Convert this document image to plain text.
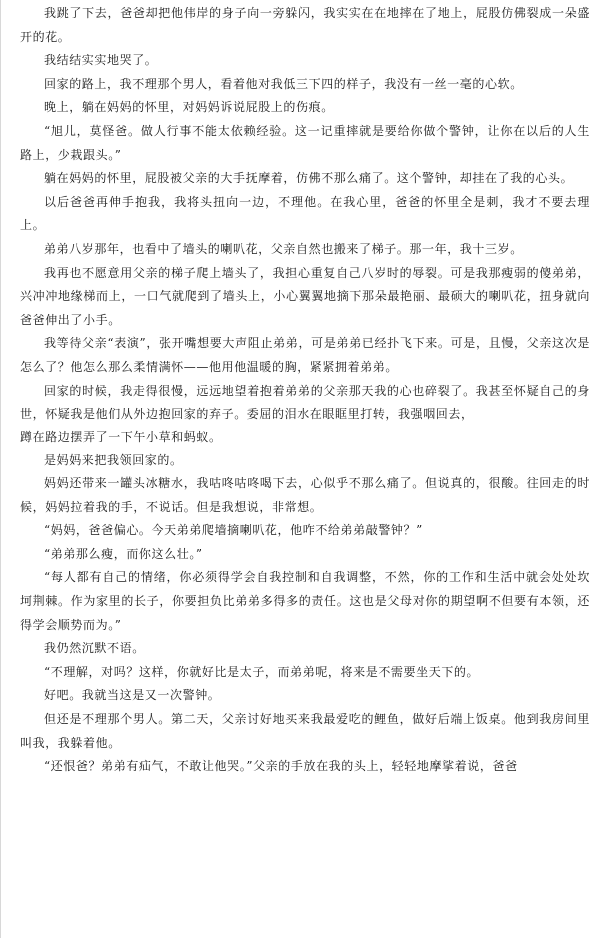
我跳了下去，爸爸却把他伟岸的身子向一旁躲闪，我实实在在地摔在了地上，屁股仿佛裂成一朵盛开的花。

我结结实实地哭了。

回家的路上，我不理那个男人，看着他对我低三下四的样子，我没有一丝一毫的心软。

晚上，躺在妈妈的怀里，对妈妈诉说屁股上的伤痕。

“旭儿，莫怪爸。做人行事不能太依赖经验。这一记重摔就是要给你做个警钟，让你在以后的人生路上，少栽跟头。”

躺在妈妈的怀里，屁股被父亲的大手抚摩着，仿佛不那么痛了。这个警钟，却挂在了我的心头。

以后爸爸再伸手抱我，我将头扭向一边，不理他。在我心里，爸爸的怀里全是刺，我才不要去理上。

弟弟八岁那年，也看中了墙头的喇叭花，父亲自然也搬来了梯子。那一年，我十三岁。

我再也不愿意用父亲的梯子爬上墙头了，我担心重复自己八岁时的辱裂。可是我那瘦弱的傻弟弟，兴冲冲地缘梯而上，一口气就爬到了墙头上，小心翼翼地摘下那朵最艳丽、最硕大的喇叭花，扭身就向爸爸伸出了小手。

我等待父亲“表演”，张开嘴想要大声阻止弟弟，可是弟弟已经扑飞下来。可是，且慢，父亲这次是怎么了？他怎么那么柔情满怀——他用他温暖的胸，紧紧拥着弟弟。

回家的时候，我走得很慢，远远地望着抱着弟弟的父亲那天我的心也碎裂了。我甚至怀疑自己的身世，怀疑我是他们从外边抱回家的弃子。委屈的泪水在眼眶里打转，我强咽回去，

蹲在路边摆弄了一下午小草和蚂蚁。

是妈妈来把我领回家的。

妈妈还带来一罐头冰糖水，我咕咚咕咚喝下去，心似乎不那么痛了。但说真的，很酸。往回走的时候，妈妈拉着我的手，不说话。但是我想说，非常想。

“妈妈，爸爸偏心。今天弟弟爬墙摘喇叭花，他咋不给弟弟敲警钟？”

“弟弟那么瘦，而你这么壮。”

“每人都有自己的情绪，你必须得学会自我控制和自我调整，不然，你的工作和生活中就会处处坎坷荆棘。作为家里的长子，你要担负比弟弟多得多的责任。这也是父母对你的期望啊不但要有本领，还得学会顺势而为。”

我仍然沉默不语。

“不理解，对吗？这样，你就好比是太子，而弟弟呢，将来是不需要坐天下的。

好吧。我就当这是又一次警钟。

但还是不理那个男人。第二天，父亲讨好地买来我最爱吃的鲤鱼，做好后端上饭桌。他到我房间里叫我，我躲着他。

“还恨爸？弟弟有疝气，不敢让他哭。”父亲的手放在我的头上，轻轻地摩挲着说，爸爸
